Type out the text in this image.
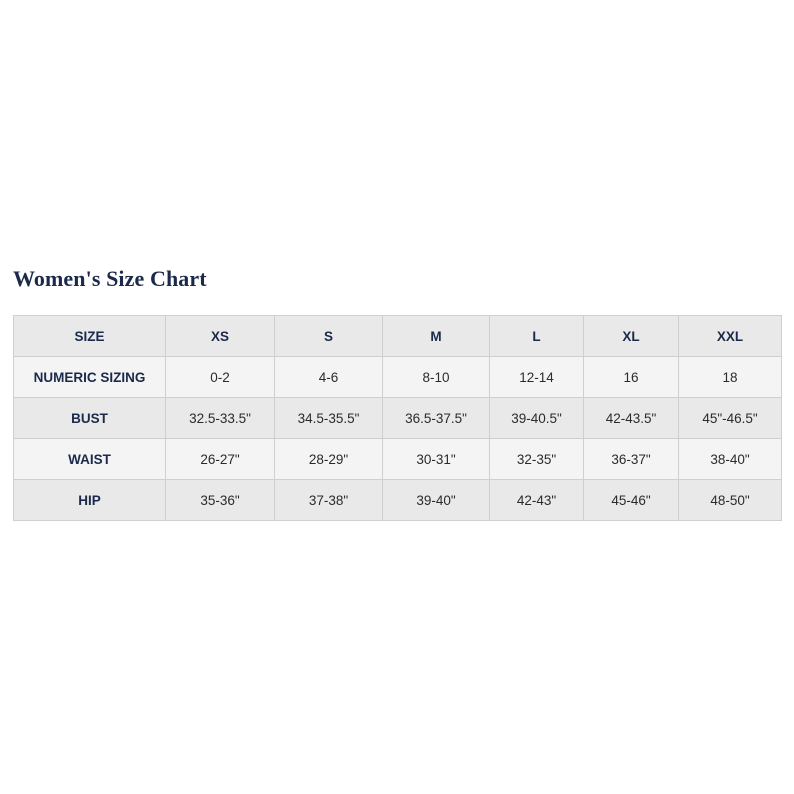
Women's Size Chart
SIZE	XS	S	M	L	XL	XXL
NUMERIC SIZING	0-2	4-6	8-10	12-14	16	18
BUST	32.5-33.5"	34.5-35.5"	36.5-37.5"	39-40.5"	42-43.5"	45"-46.5"
WAIST	26-27"	28-29"	30-31"	32-35"	36-37"	38-40"
HIP	35-36"	37-38"	39-40"	42-43"	45-46"	48-50"
